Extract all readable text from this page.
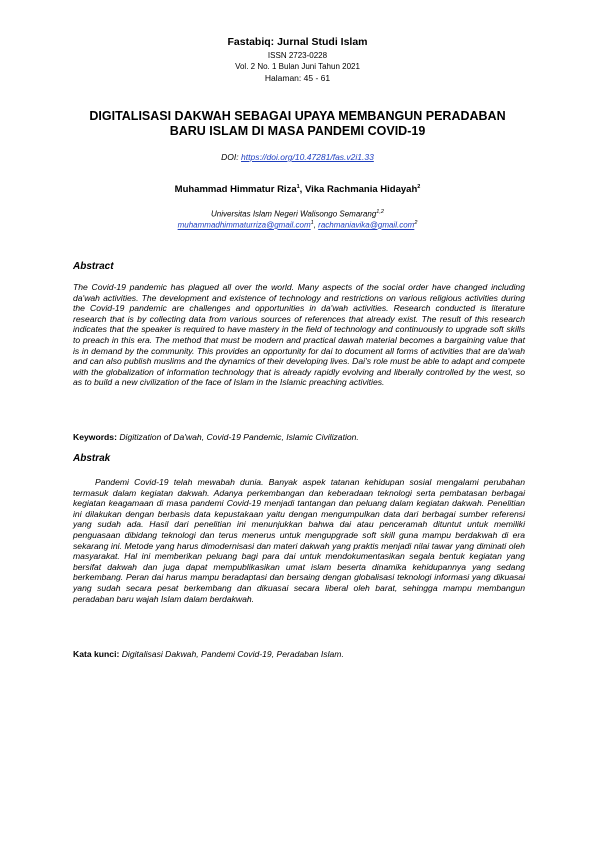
Fastabiq: Jurnal Studi Islam
ISSN 2723-0228
Vol. 2 No. 1 Bulan Juni Tahun 2021
Halaman: 45 - 61
DIGITALISASI DAKWAH SEBAGAI UPAYA MEMBANGUN PERADABAN
BARU ISLAM DI MASA PANDEMI COVID-19
DOI: https://doi.org/10.47281/fas.v2i1.33
Muhammad Himmatur Riza$^1$, Vika Rachmania Hidayah$^2$
Universitas Islam Negeri Walisongo Semarang$^{1,2}$
muhammadhimmaturriza@gmail.com$^1$, rachmaniavika@gmail.com$^2$
Abstract

The Covid-19 pandemic has plagued all over the world. Many aspects of the social order have changed including da'wah activities. The development and existence of technology and restrictions on various religious activities during the Covid-19 pandemic are challenges and opportunities in da'wah activities. Research conducted is literature research that is by collecting data from various sources of references that already exist. The result of this research indicates that the speaker is required to have mastery in the field of technology and continuously to upgrade soft skills to preach in this era. The method that must be modern and practical dawah material becomes a bargaining value that is in demand by the community. This provides an opportunity for dai to document all forms of activities that are da'wah and can also publish muslims and the dynamics of their developing lives. Dai's role must be able to adapt and compete with the globalization of information technology that is already rapidly evolving and liberally controlled by the west, so as to build a new civilization of the face of Islam in the Islamic preaching activities.

Keywords: Digitization of Da'wah, Covid-19 Pandemic, Islamic Civilization.
Abstrak

Pandemi Covid-19 telah mewabah dunia. Banyak aspek tatanan kehidupan sosial mengalami perubahan termasuk dalam kegiatan dakwah. Adanya perkembangan dan keberadaan teknologi serta pembatasan berbagai kegiatan keagamaan di masa pandemi Covid-19 menjadi tantangan dan peluang dalam kegiatan dakwah. Penelitian ini dilakukan dengan berbasis data kepustakaan yaitu dengan mengumpulkan data dari berbagai sumber referensi yang sudah ada. Hasil dari penelitian ini menunjukkan bahwa dai atau penceramah dituntut untuk memiliki penguasaan dibidang teknologi dan terus menerus untuk mengupgrade soft skill guna mampu berdakwah di era sekarang ini. Metode yang harus dimodernisasi dan materi dakwah yang praktis menjadi nilai tawar yang diminati oleh masyarakat. Hal ini memberikan peluang bagi para dai untuk mendokumentasikan segala bentuk kegiatan yang bersifat dakwah dan juga dapat mempublikasikan umat islam beserta dinamika kehidupannya yang sedang berkembang. Peran dai harus mampu beradaptasi dan bersaing dengan globalisasi teknologi informasi yang dikuasai yang sudah secara pesat berkembang dan dikuasai secara liberal oleh barat, sehingga mampu membangun peradaban baru wajah Islam dalam berdakwah.

Kata kunci: Digitalisasi Dakwah, Pandemi Covid-19, Peradaban Islam.
